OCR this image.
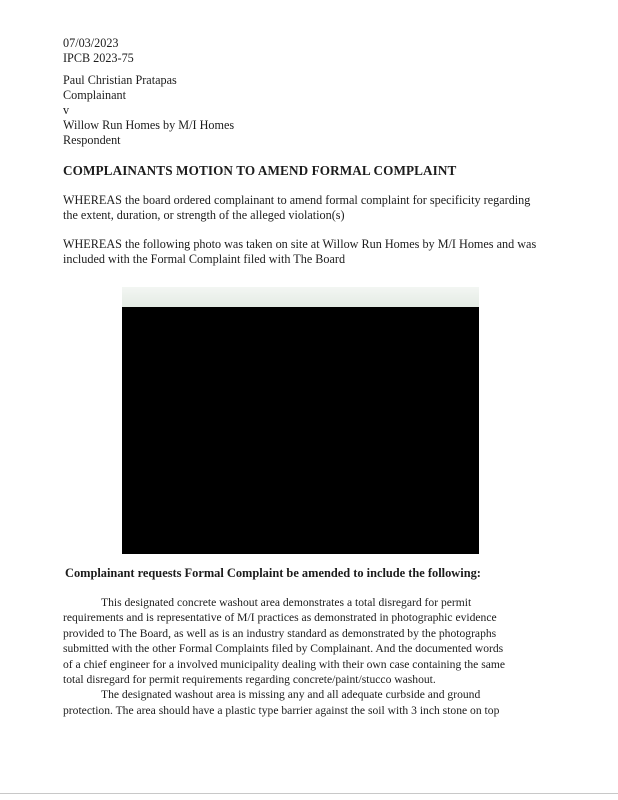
07/03/2023
IPCB 2023-75
Paul Christian Pratapas
Complainant
v
Willow Run Homes by M/I Homes
Respondent
COMPLAINANTS MOTION TO AMEND FORMAL COMPLAINT
WHEREAS the board ordered complainant to amend formal complaint for specificity regarding
the extent, duration, or strength of the alleged violation(s)
WHEREAS the following photo was taken on site at Willow Run Homes by M/I Homes and was
included with the Formal Complaint filed with The Board
Complainant requests Formal Complaint be amended to include the following:
This designated concrete washout area demonstrates a total disregard for permit
requirements and is representative of M/I practices as demonstrated in photographic evidence
provided to The Board, as well as is an industry standard as demonstrated by the photographs
submitted with the other Formal Complaints filed by Complainant. And the documented words
of a chief engineer for a involved municipality dealing with their own case containing the same
total disregard for permit requirements regarding concrete/paint/stucco washout.
The designated washout area is missing any and all adequate curbside and ground
protection. The area should have a plastic type barrier against the soil with 3 inch stone on top
